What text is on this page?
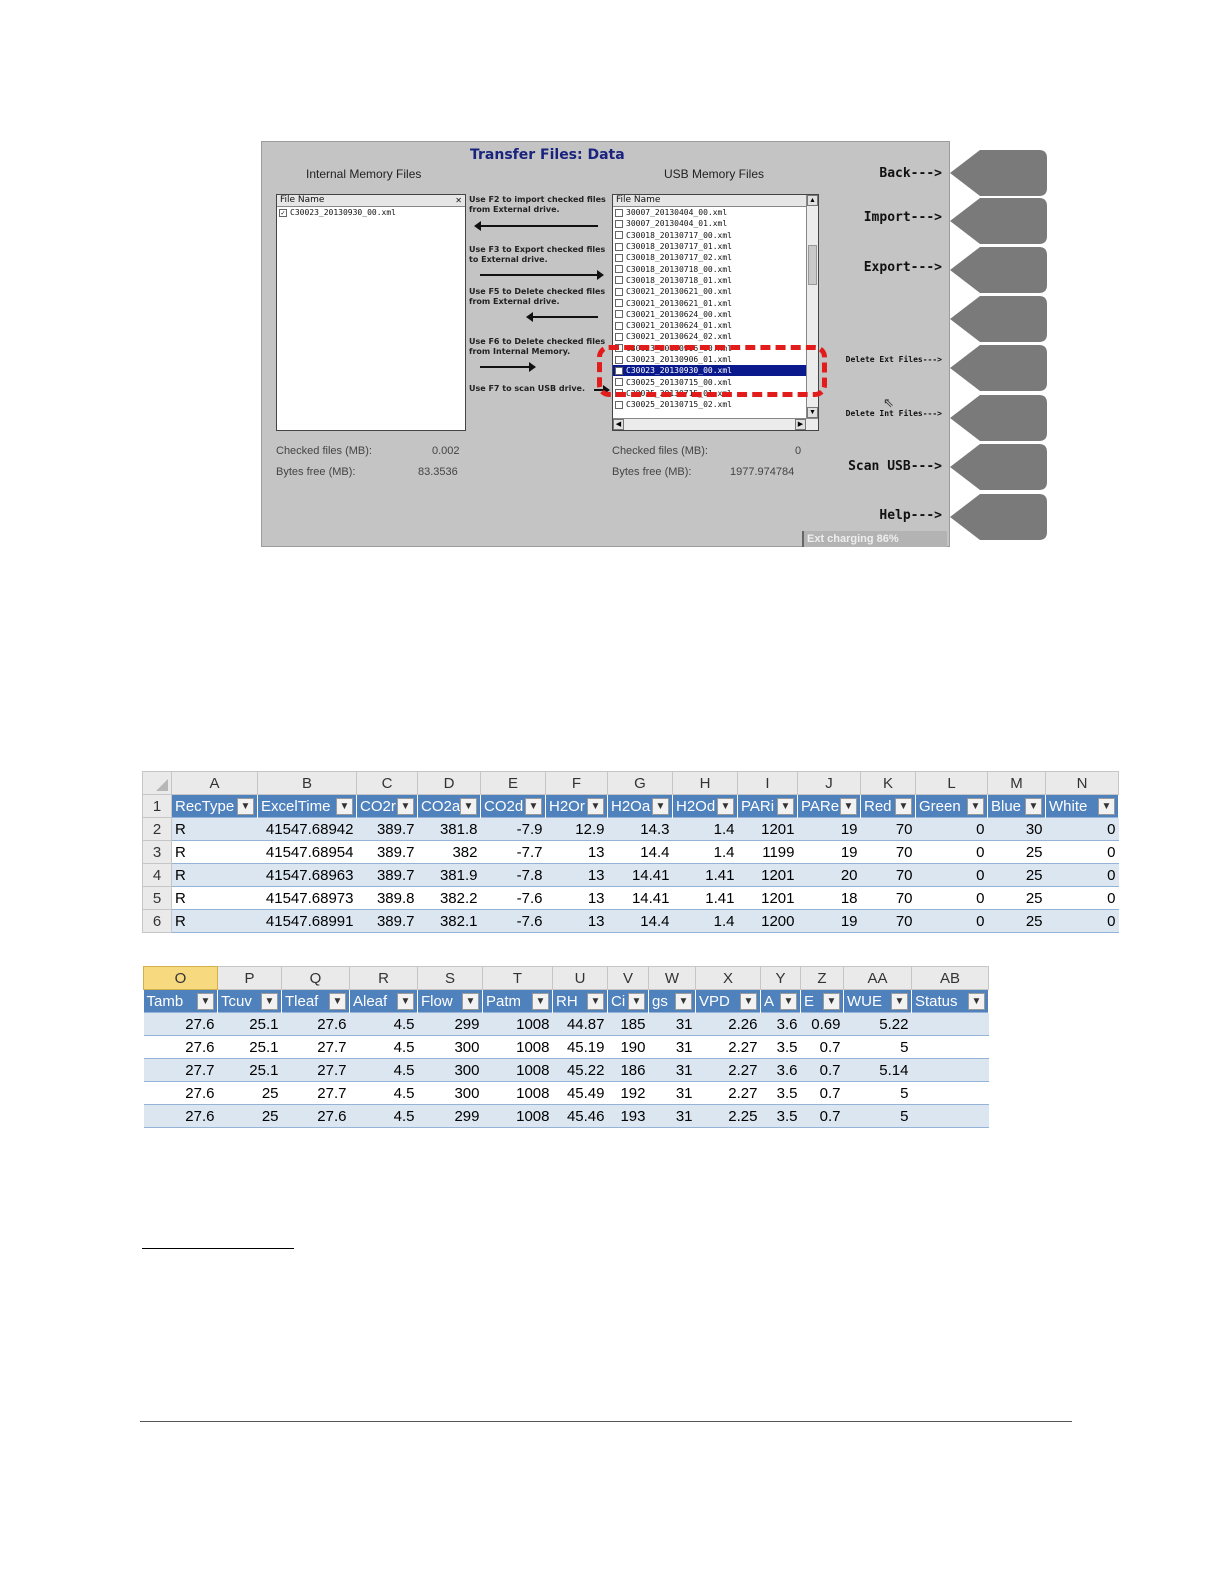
Transfer Files: Data
Internal Memory Files	USB Memory Files
File Name	✕
✓ C30023_20130930_00.xml
Use F2 to import checked files from External drive.
Use F3 to Export checked files to External drive.
Use F5 to Delete checked files from External drive.
Use F6 to Delete checked files from Internal Memory.
Use F7 to scan USB drive.
File Name
30007_20130404_00.xml
30007_20130404_01.xml
C30018_20130717_00.xml
C30018_20130717_01.xml
C30018_20130717_02.xml
C30018_20130718_00.xml
C30018_20130718_01.xml
C30021_20130621_00.xml
C30021_20130621_01.xml
C30021_20130624_00.xml
C30021_20130624_01.xml
C30021_20130624_02.xml
C30023_20130906_00.xml
C30023_20130906_01.xml
C30023_20130930_00.xml
C30025_20130715_00.xml
C30025_20130715_01.xml
C30025_20130715_02.xml
▲
▼
◀	▶
⇖
Checked files (MB):	0.002
Bytes free (MB):	83.3536
Checked files (MB):	0
Bytes free (MB):	1977.974784
Back--->
Import--->
Export--->
Delete Ext Files--->
Delete Int Files--->
Scan USB--->
Help--->
Ext charging 86%
	A	B	C	D	E	F	G	H	I	J	K	L	M	N
1	RecType ▼	ExcelTime ▼	CO2r ▼	CO2a ▼	CO2d ▼	H2Or ▼	H2Oa ▼	H2Od ▼	PARi ▼	PARe ▼	Red ▼	Green ▼	Blue ▼	White ▼

2	R	41547.68942	389.7	381.8	-7.9	12.9	14.3	1.4	1201	19	70	0	30	0
3	R	41547.68954	389.7	382	-7.7	13	14.4	1.4	1199	19	70	0	25	0
4	R	41547.68963	389.7	381.9	-7.8	13	14.41	1.41	1201	20	70	0	25	0
5	R	41547.68973	389.8	382.2	-7.6	13	14.41	1.41	1201	18	70	0	25	0
6	R	41547.68991	389.7	382.1	-7.6	13	14.4	1.4	1200	19	70	0	25	0
O	P	Q	R	S	T	U	V	W	X	Y	Z	AA	AB
Tamb ▼	Tcuv ▼	Tleaf ▼	Aleaf ▼	Flow ▼	Patm ▼	RH ▼	Ci ▼	gs ▼	VPD ▼	A ▼	E ▼	WUE ▼	Status ▼

27.6	25.1	27.6	4.5	299	1008	44.87	185	31	2.26	3.6	0.69	5.22	
27.6	25.1	27.7	4.5	300	1008	45.19	190	31	2.27	3.5	0.7	5	
27.7	25.1	27.7	4.5	300	1008	45.22	186	31	2.27	3.6	0.7	5.14	
27.6	25	27.7	4.5	300	1008	45.49	192	31	2.27	3.5	0.7	5	
27.6	25	27.6	4.5	299	1008	45.46	193	31	2.25	3.5	0.7	5	
